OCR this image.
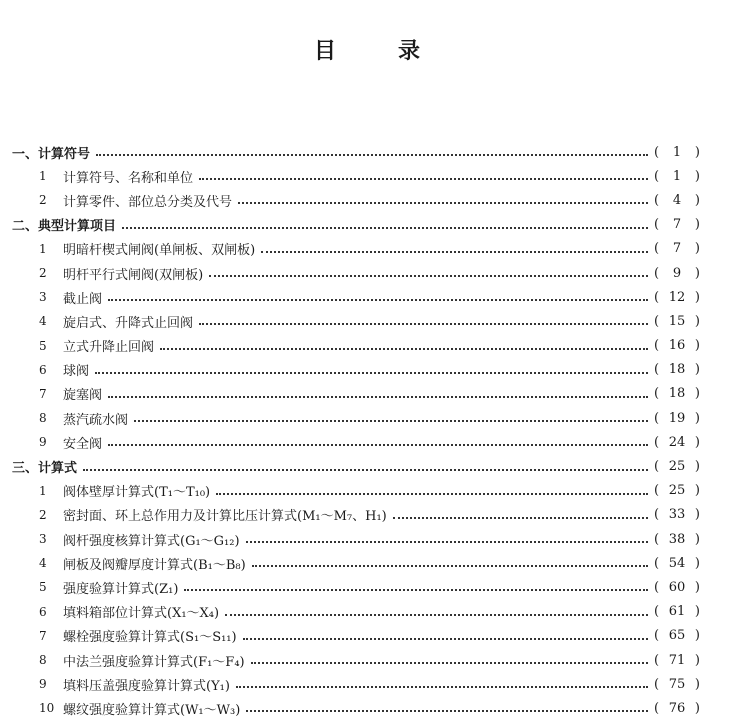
目	录
一、计算符号	(	1	)
1	计算符号、名称和单位	(	1	)
2	计算零件、部位总分类及代号	(	4	)
二、典型计算项目	(	7	)
1	明暗杆楔式闸阀(单闸板、双闸板)	(	7	)
2	明杆平行式闸阀(双闸板)	(	9	)
3	截止阀	( 12 )
4	旋启式、升降式止回阀	( 15 )
5	立式升降止回阀	( 16 )
6	球阀	( 18 )
7	旋塞阀	( 18 )
8	蒸汽疏水阀	( 19 )
9	安全阀	( 24 )
三、计算式	( 25 )
1	阀体壁厚计算式(T₁～T₁₀)	( 25 )
2	密封面、环上总作用力及计算比压计算式(M₁～M₇、H₁)	( 33 )
3	阀杆强度核算计算式(G₁～G₁₂)	( 38 )
4	闸板及阀瓣厚度计算式(B₁～B₈)	( 54 )
5	强度验算计算式(Z₁)	( 60 )
6	填料箱部位计算式(X₁～X₄)	( 61 )
7	螺栓强度验算计算式(S₁～S₁₁)	( 65 )
8	中法兰强度验算计算式(F₁～F₄)	( 71 )
9	填料压盖强度验算计算式(Y₁)	( 75 )
10 螺纹强度验算计算式(W₁～W₃)	( 76 )
